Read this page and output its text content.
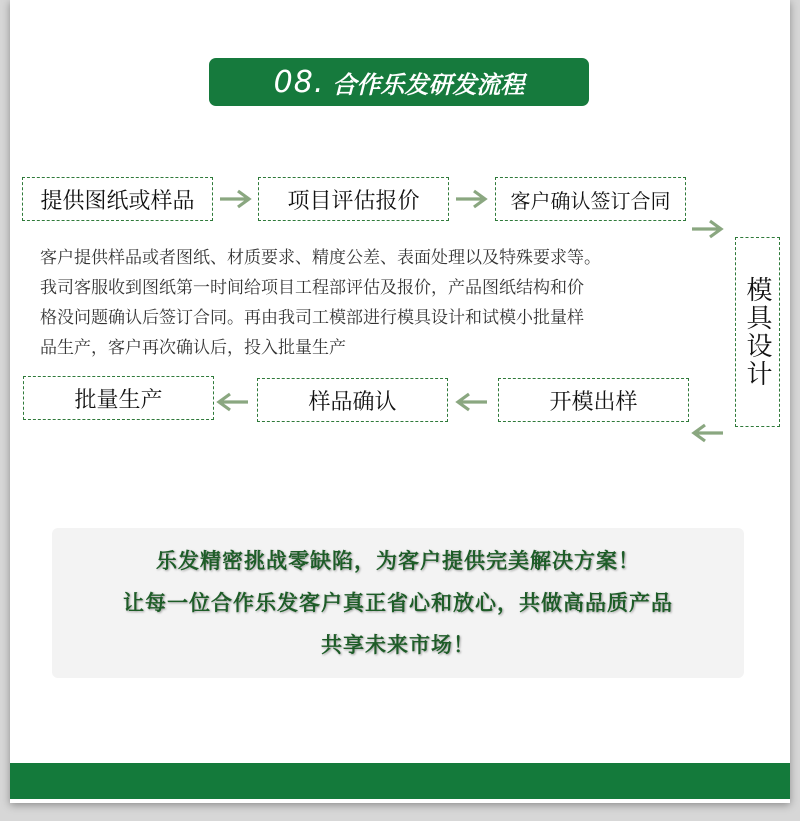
08. 合作乐发研发流程
提供图纸或样品	项目评估报价	客户确认签订合同
模具设计

客户提供样品或者图纸、材质要求、精度公差、表面处理以及特殊要求等。

我司客服收到图纸第一时间给项目工程部评估及报价，产品图纸结构和价

格没问题确认后签订合同。再由我司工模部进行模具设计和试模小批量样

品生产，客户再次确认后，投入批量生产

开模出样
样品确认
批量生产
乐发精密挑战零缺陷，为客户提供完美解决方案！
让每一位合作乐发客户真正省心和放心，共做高品质产品
共享未来市场！
